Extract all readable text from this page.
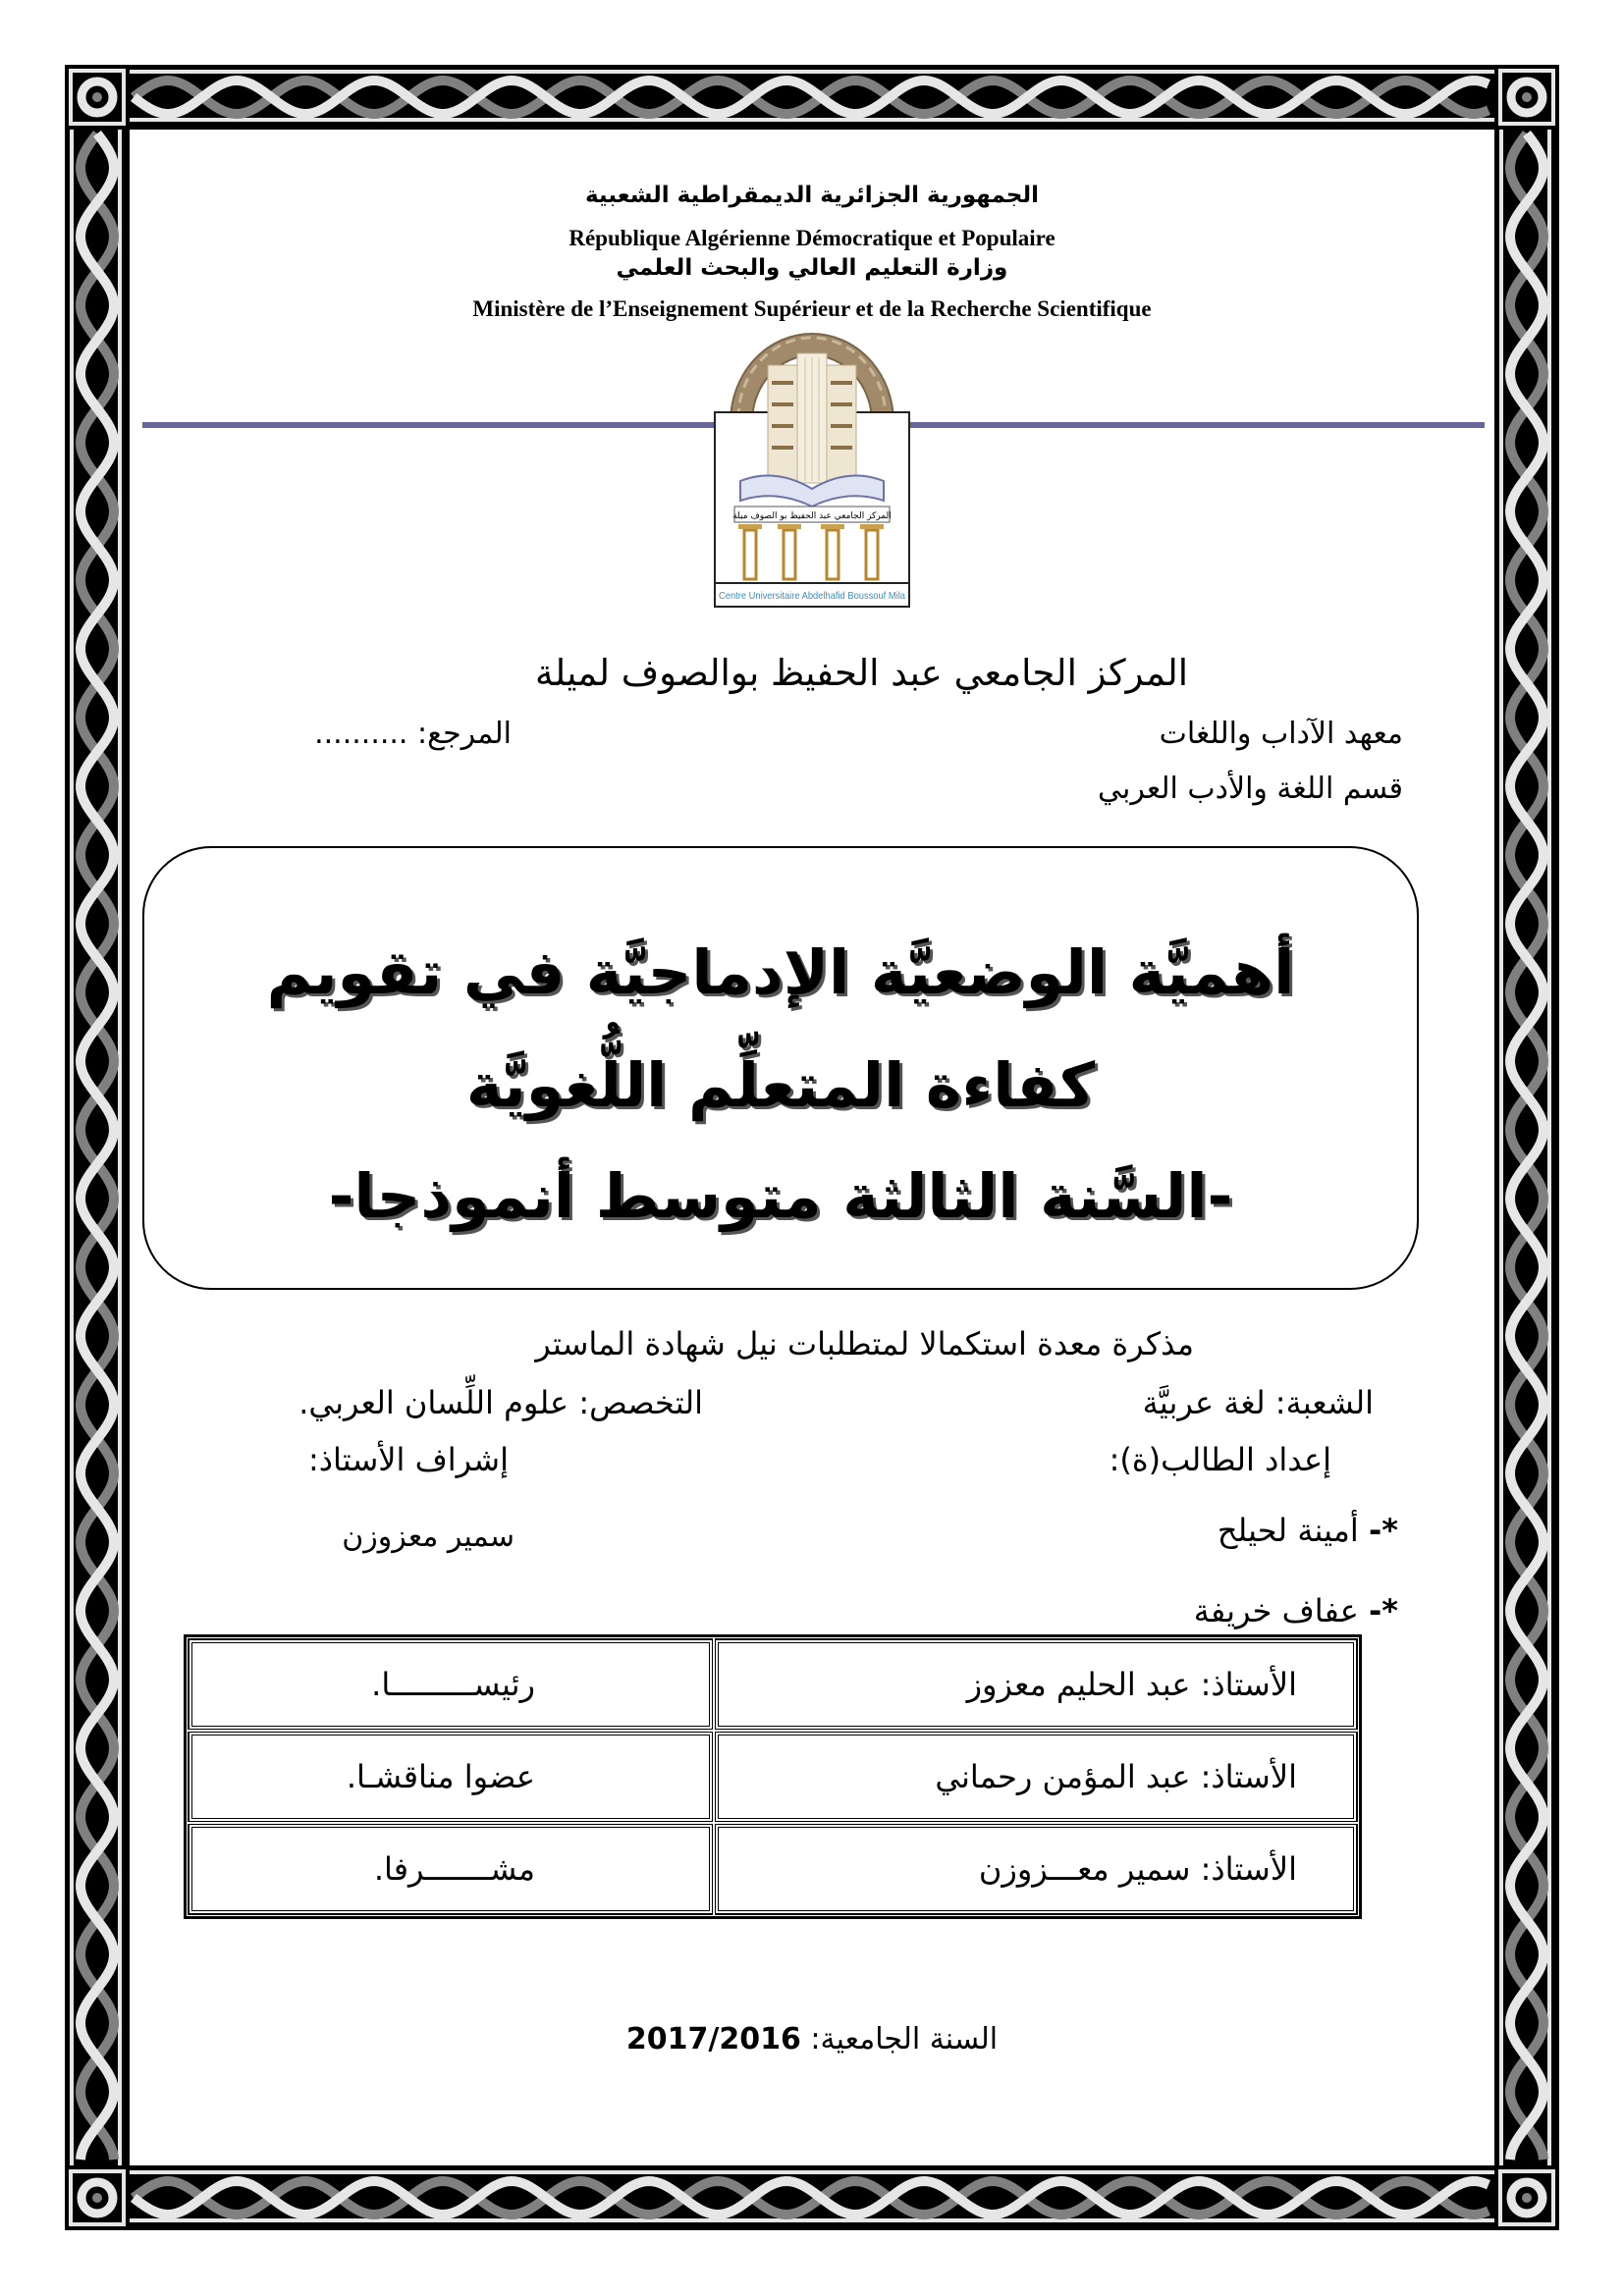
الجمهورية الجزائرية الديمقراطية الشعبية
République Algérienne Démocratique et Populaire
وزارة التعليم العالي والبحث العلمي
Ministère de l’Enseignement Supérieur et de la Recherche Scientifique
المركز الجامعي عبد الحفيظ بو الصوف ميلة
Centre Universitaire Abdelhafid Boussouf Mila
المركز الجامعي عبد الحفيظ بوالصوف لميلة
معهد الآداب واللغات
المرجع: ..........
قسم اللغة والأدب العربي
أهميَّة الوضعيَّة الإدماجيَّة في تقويم
كفاءة المتعلِّم اللُّغويَّة
-السَّنة الثالثة متوسط أنموذجا-
مذكرة معدة استكمالا لمتطلبات نيل شهادة الماستر
الشعبة: لغة عربيَّة
التخصص: علوم اللِّسان العربي.
إعداد الطالب(ة):
إشراف الأستاذ:
*- أمينة لحيلح
سمير معزوزن
*- عفاف خريفة
الأستاذ: عبد الحليم معزوز	رئيســـــــــا.
الأستاذ: عبد المؤمن رحماني	عضوا مناقشـا.
الأستاذ: سمير معـــزوزن	مشـــــــرفا.
السنة الجامعية: 2017/2016
